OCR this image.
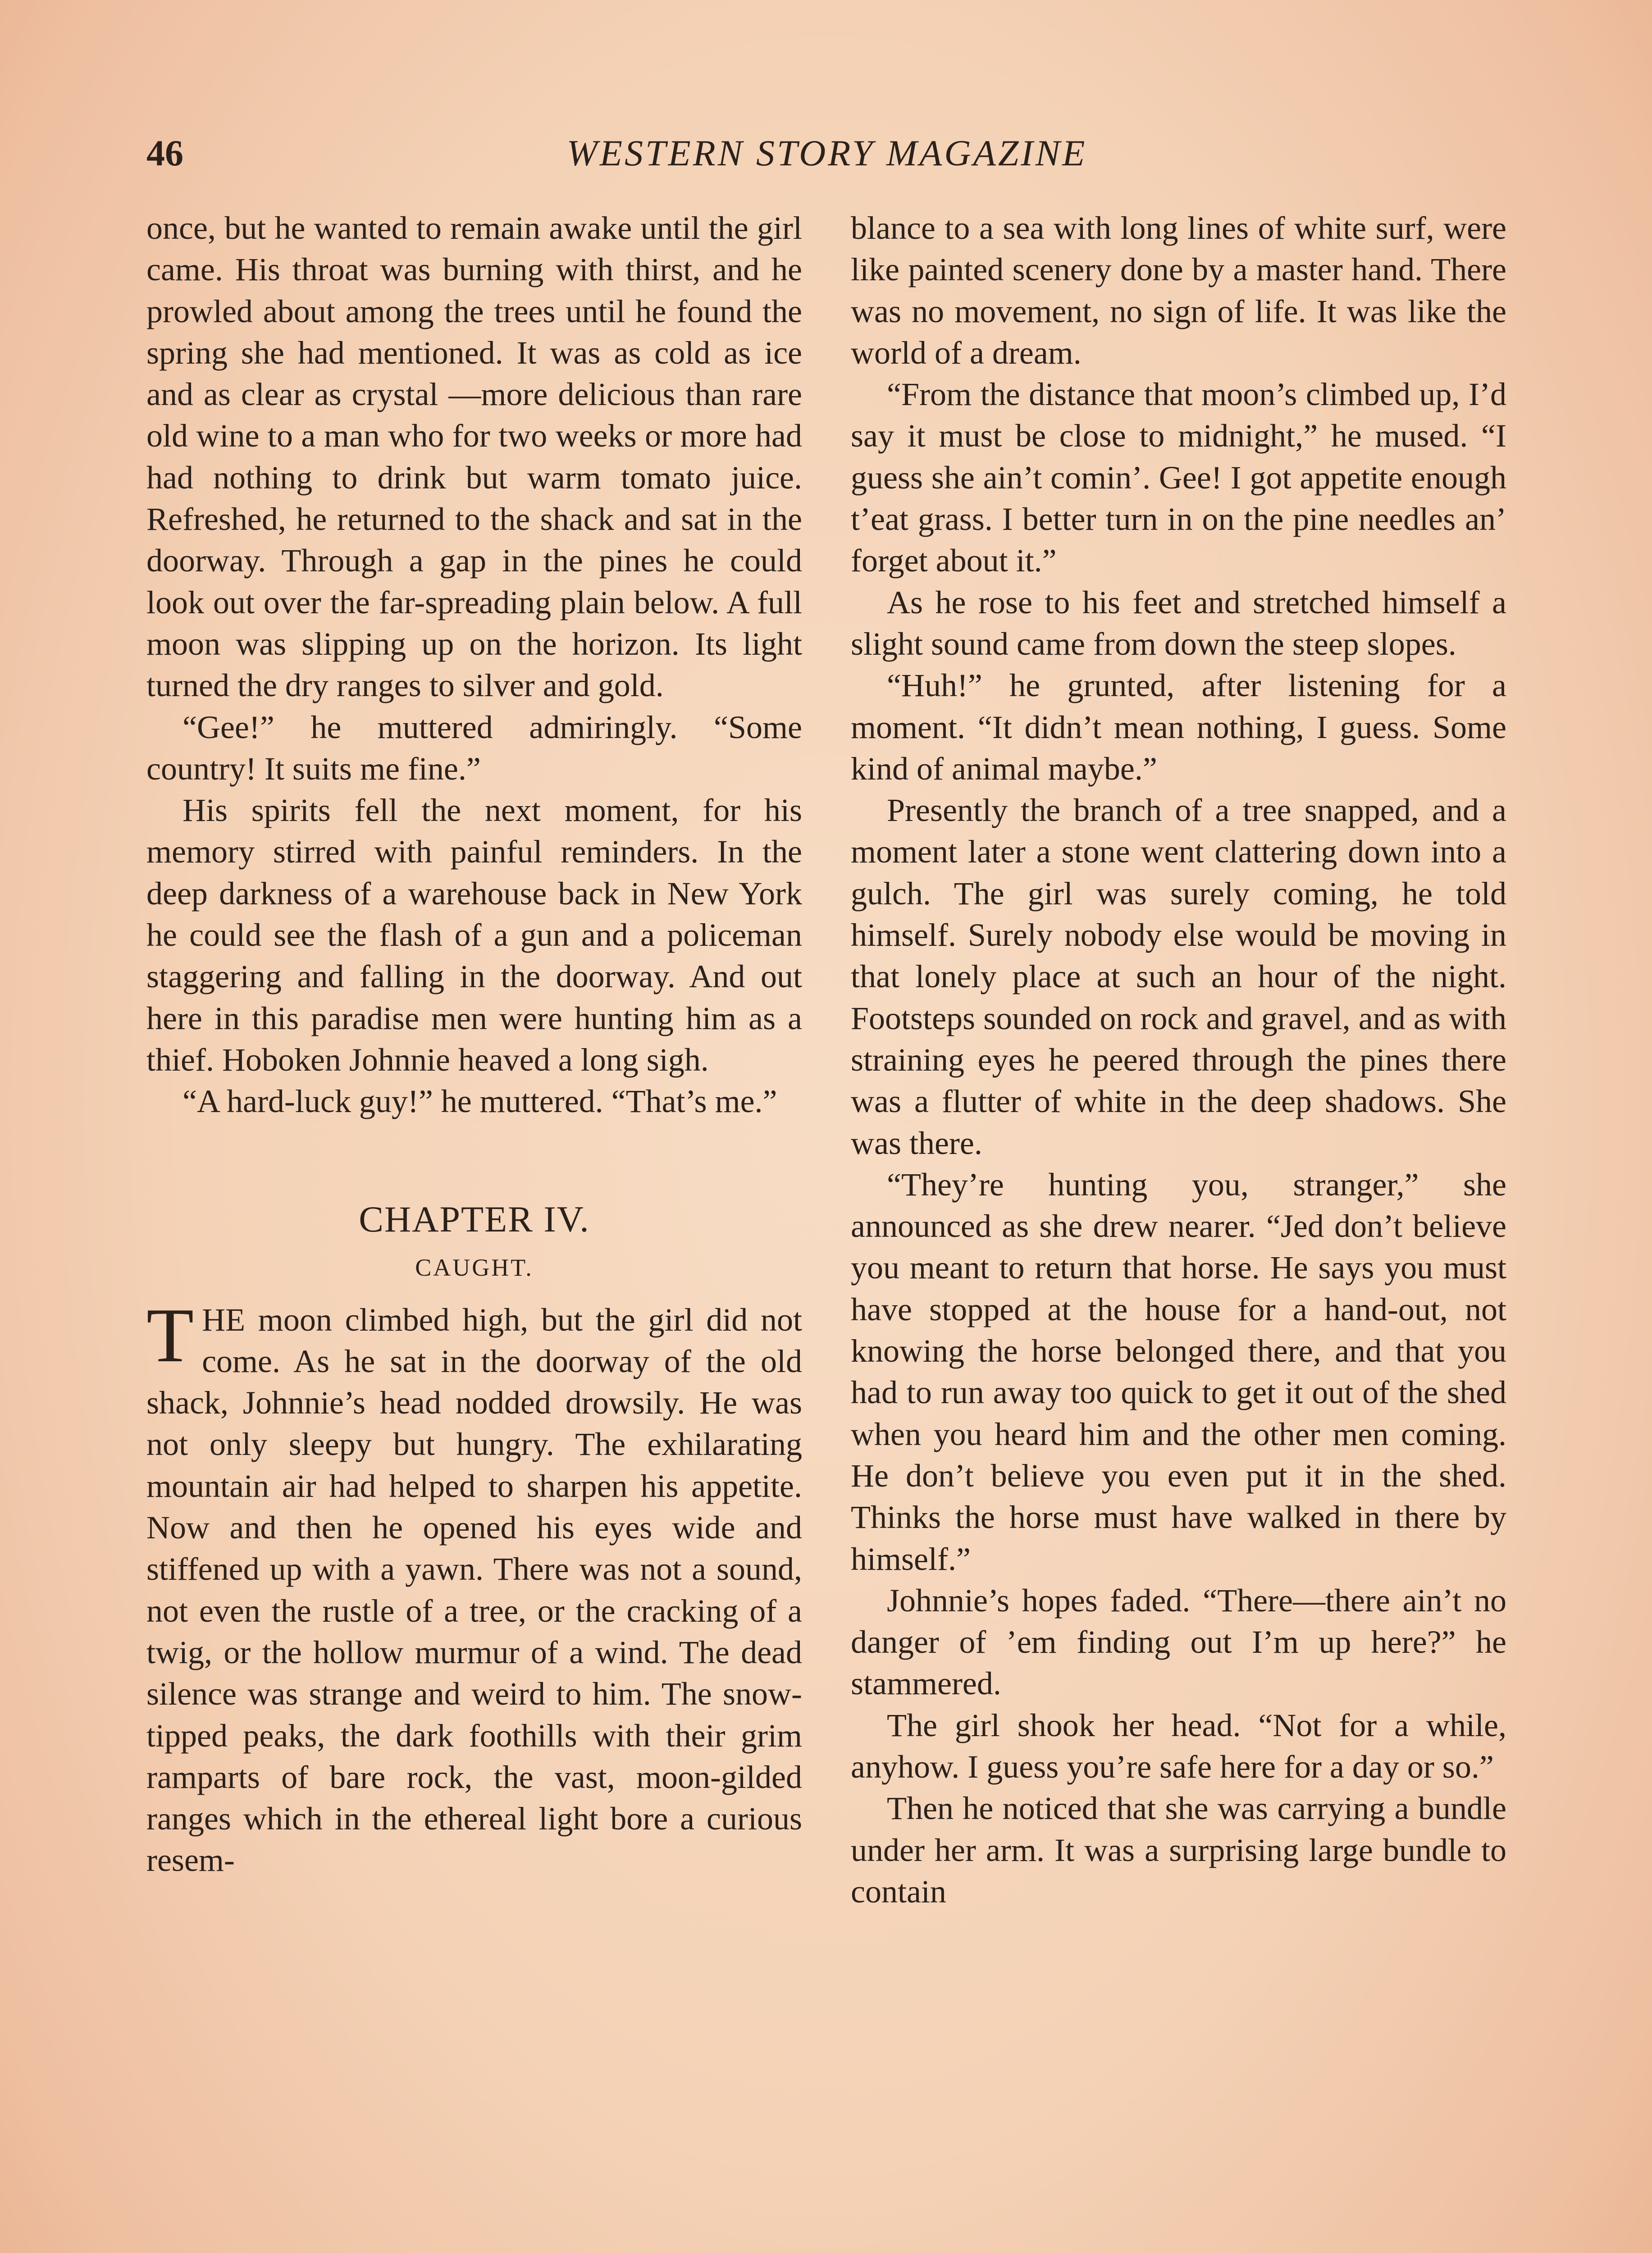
46	WESTERN STORY MAGAZINE

once, but he wanted to remain awake until the girl came. His throat was burning with thirst, and he prowled about among the trees until he found the spring she had mentioned. It was as cold as ice and as clear as crystal —more delicious than rare old wine to a man who for two weeks or more had had nothing to drink but warm tomato juice. Refreshed, he returned to the shack and sat in the doorway. Through a gap in the pines he could look out over the far-spreading plain below. A full moon was slipping up on the horizon. Its light turned the dry ranges to silver and gold.

“Gee!” he muttered admiringly. “Some country! It suits me fine.”

His spirits fell the next moment, for his memory stirred with painful reminders. In the deep darkness of a warehouse back in New York he could see the flash of a gun and a policeman staggering and falling in the doorway. And out here in this paradise men were hunting him as a thief. Hoboken Johnnie heaved a long sigh.

“A hard-luck guy!” he muttered. “That’s me.”

CHAPTER IV.
CAUGHT.

THE moon climbed high, but the girl did not come. As he sat in the doorway of the old shack, Johnnie’s head nodded drowsily. He was not only sleepy but hungry. The exhilarating mountain air had helped to sharpen his appetite. Now and then he opened his eyes wide and stiffened up with a yawn. There was not a sound, not even the rustle of a tree, or the cracking of a twig, or the hollow murmur of a wind. The dead silence was strange and weird to him. The snow-tipped peaks, the dark foothills with their grim ramparts of bare rock, the vast, moon-gilded ranges which in the ethereal light bore a curious resem-

blance to a sea with long lines of white surf, were like painted scenery done by a master hand. There was no movement, no sign of life. It was like the world of a dream.

“From the distance that moon’s climbed up, I’d say it must be close to midnight,” he mused. “I guess she ain’t comin’. Gee! I got appetite enough t’eat grass. I better turn in on the pine needles an’ forget about it.”

As he rose to his feet and stretched himself a slight sound came from down the steep slopes.

“Huh!” he grunted, after listening for a moment. “It didn’t mean nothing, I guess. Some kind of animal maybe.”

Presently the branch of a tree snapped, and a moment later a stone went clattering down into a gulch. The girl was surely coming, he told himself. Surely nobody else would be moving in that lonely place at such an hour of the night. Footsteps sounded on rock and gravel, and as with straining eyes he peered through the pines there was a flutter of white in the deep shadows. She was there.

“They’re hunting you, stranger,” she announced as she drew nearer. “Jed don’t believe you meant to return that horse. He says you must have stopped at the house for a hand-out, not knowing the horse belonged there, and that you had to run away too quick to get it out of the shed when you heard him and the other men coming. He don’t believe you even put it in the shed. Thinks the horse must have walked in there by himself.”

Johnnie’s hopes faded. “There—there ain’t no danger of ’em finding out I’m up here?” he stammered.

The girl shook her head. “Not for a while, anyhow. I guess you’re safe here for a day or so.”

Then he noticed that she was carrying a bundle under her arm. It was a surprising large bundle to contain
